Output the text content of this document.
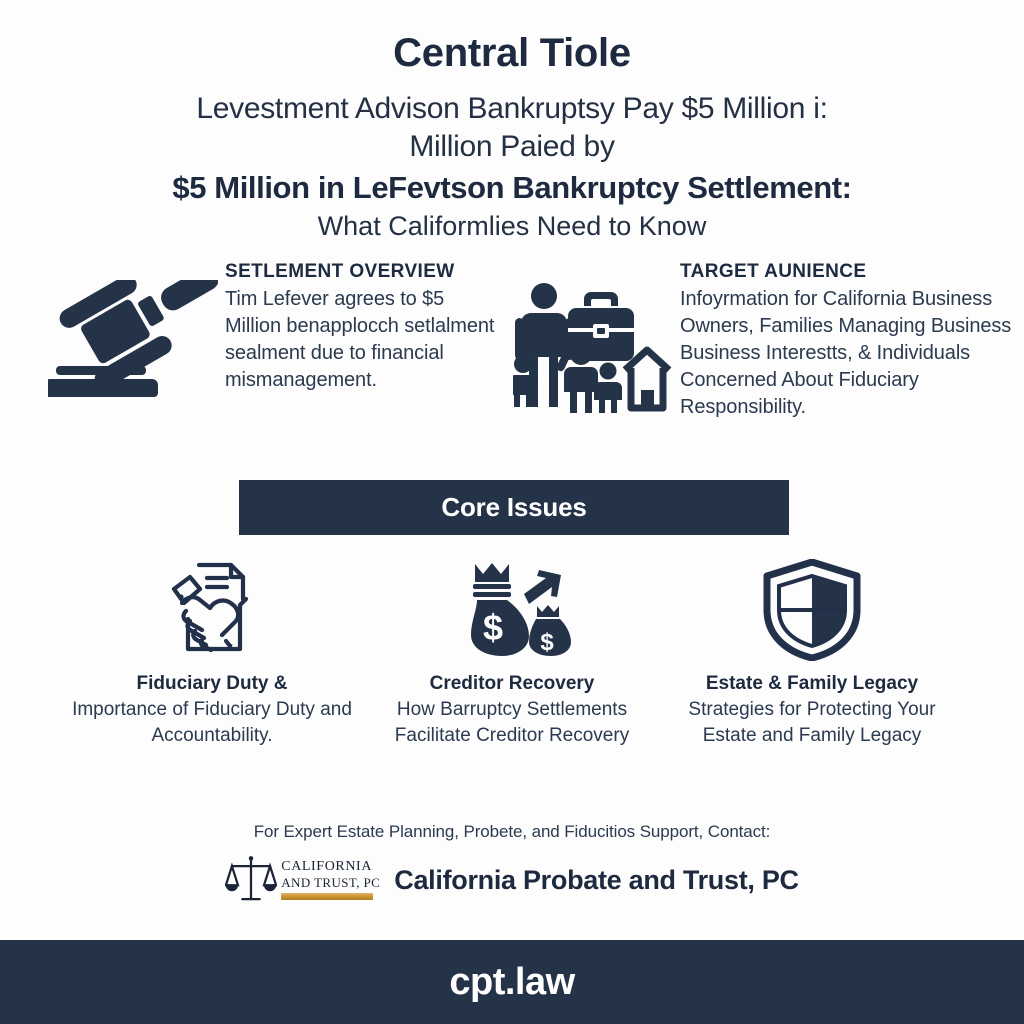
Central Tiole
Levestment Advison Bankruptsy Pay $5 Million i:
Million Paied by
$5 Million in LeFevtson Bankruptcy Settlement:
What Califormlies Need to Know
SETLEMENT OVERVIEW
Tim Lefever agrees to $5 Million benapplocch setlalment sealment due to financial mismanagement.
TARGET AUNIENCE
Infoyrmation for California Business Owners, Families Managing Business Business Interestts, & Individuals Concerned About Fiduciary Responsibility.
Core Issues
Fiduciary Duty &
Importance of Fiduciary Duty and Accountability.
$ $
Creditor Recovery
How Barruptcy Settlements Facilitate Creditor Recovery
Estate & Family Legacy
Strategies for Protecting Your Estate and Family Legacy
For Expert Estate Planning, Probete, and Fiducitios Support, Contact:
CALIFORNIA
AND TRUST, PC California Probate and Trust, PC
cpt.law
